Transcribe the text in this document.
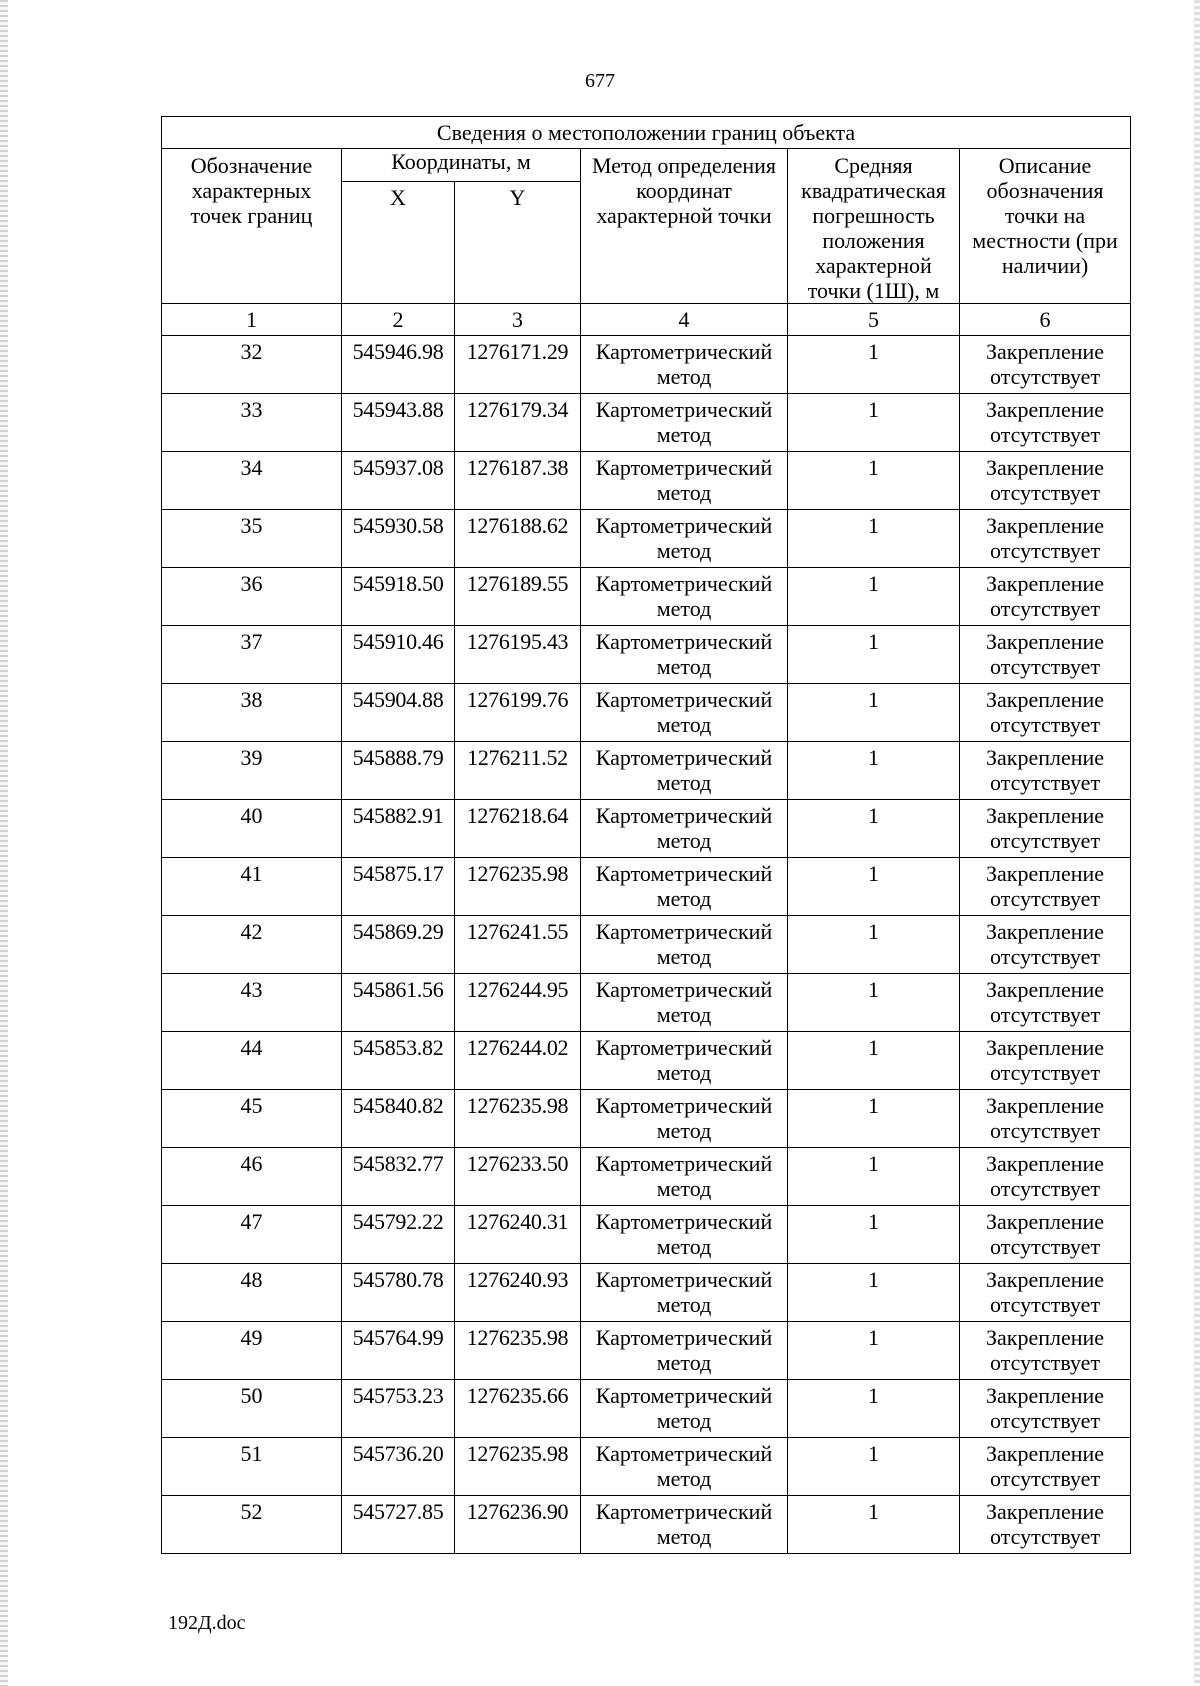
677
Сведения о местоположении границ объекта					
Обозначение характерных точек границ	Координаты, м		Метод определения координат характерной точки	Средняя квадратическая погрешность положения характерной точки (1Ш), м	Описание обозначения точки на местности (при наличии)
	X	Y			
1	2	3	4	5	6
32	545946.98	1276171.29	Картометрический метод	1	Закрепление отсутствует
33	545943.88	1276179.34	Картометрический метод	1	Закрепление отсутствует
34	545937.08	1276187.38	Картометрический метод	1	Закрепление отсутствует
35	545930.58	1276188.62	Картометрический метод	1	Закрепление отсутствует
36	545918.50	1276189.55	Картометрический метод	1	Закрепление отсутствует
37	545910.46	1276195.43	Картометрический метод	1	Закрепление отсутствует
38	545904.88	1276199.76	Картометрический метод	1	Закрепление отсутствует
39	545888.79	1276211.52	Картометрический метод	1	Закрепление отсутствует
40	545882.91	1276218.64	Картометрический метод	1	Закрепление отсутствует
41	545875.17	1276235.98	Картометрический метод	1	Закрепление отсутствует
42	545869.29	1276241.55	Картометрический метод	1	Закрепление отсутствует
43	545861.56	1276244.95	Картометрический метод	1	Закрепление отсутствует
44	545853.82	1276244.02	Картометрический метод	1	Закрепление отсутствует
45	545840.82	1276235.98	Картометрический метод	1	Закрепление отсутствует
46	545832.77	1276233.50	Картометрический метод	1	Закрепление отсутствует
47	545792.22	1276240.31	Картометрический метод	1	Закрепление отсутствует
48	545780.78	1276240.93	Картометрический метод	1	Закрепление отсутствует
49	545764.99	1276235.98	Картометрический метод	1	Закрепление отсутствует
50	545753.23	1276235.66	Картометрический метод	1	Закрепление отсутствует
51	545736.20	1276235.98	Картометрический метод	1	Закрепление отсутствует
52	545727.85	1276236.90	Картометрический метод	1	Закрепление отсутствует
192Д.doc
